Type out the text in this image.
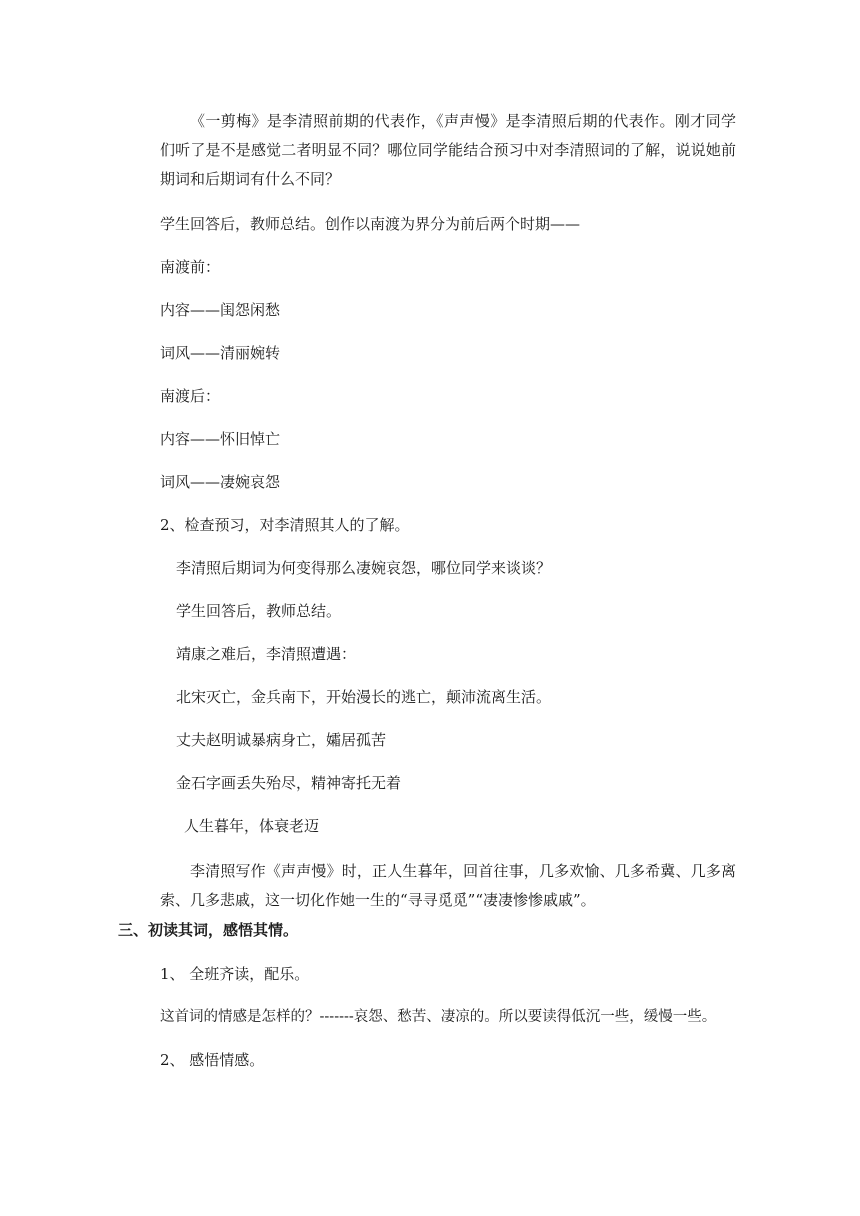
《一剪梅》是李清照前期的代表作，《声声慢》是李清照后期的代表作。刚才同学们听了是不是感觉二者明显不同？哪位同学能结合预习中对李清照词的了解，说说她前期词和后期词有什么不同？
学生回答后，教师总结。创作以南渡为界分为前后两个时期——
南渡前：
内容——闺怨闲愁
词风——清丽婉转
南渡后：
内容——怀旧悼亡
词风——凄婉哀怨
2、检查预习，对李清照其人的了解。
李清照后期词为何变得那么凄婉哀怨，哪位同学来谈谈？
学生回答后，教师总结。
靖康之难后，李清照遭遇：
北宋灭亡，金兵南下，开始漫长的逃亡，颠沛流离生活。
丈夫赵明诚暴病身亡，孀居孤苦
金石字画丢失殆尽，精神寄托无着
人生暮年，体衰老迈
李清照写作《声声慢》时，正人生暮年，回首往事，几多欢愉、几多希冀、几多离索、几多悲戚，这一切化作她一生的“寻寻觅觅”“凄凄惨惨戚戚”。
三、初读其词，感悟其情。
1、 全班齐读，配乐。
这首词的情感是怎样的？-------哀怨、愁苦、凄凉的。所以要读得低沉一些，缓慢一些。
2、 感悟情感。
